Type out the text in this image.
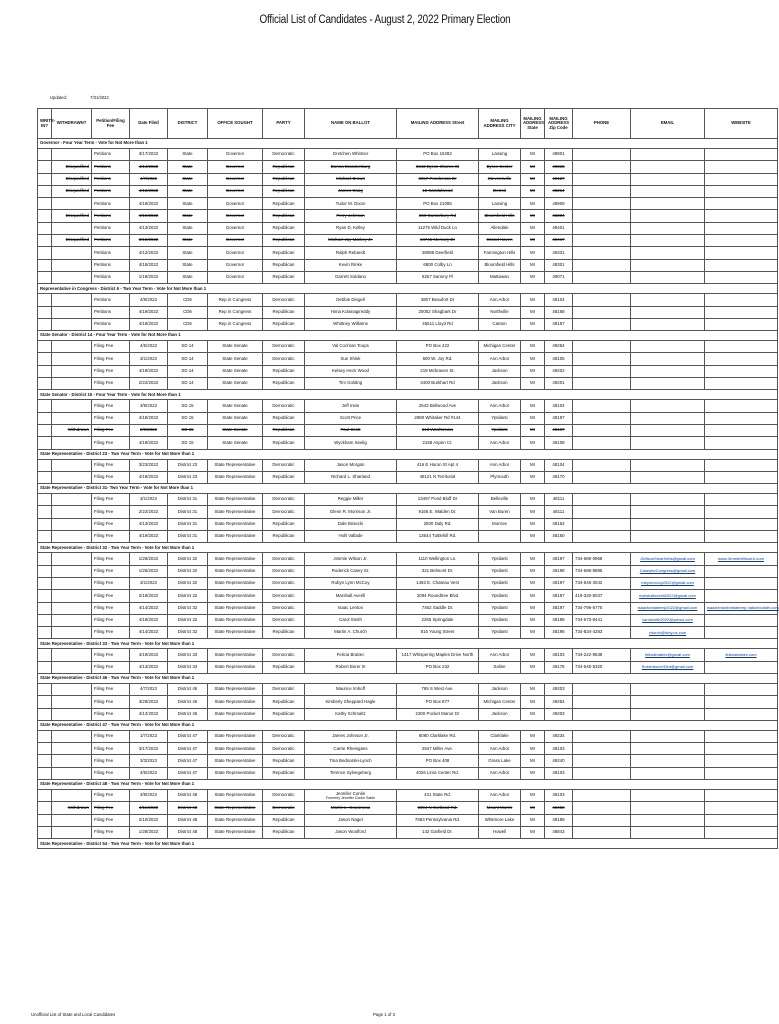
Official List of Candidates - August 2, 2022 Primary Election
Updated:	7/31/2022
WRITE-IN?	WITHDRAWN?	Petition/Filing Fee	Date Filed	DISTRICT	OFFICE SOUGHT	PARTY	NAME ON BALLOT	MAILING ADDRESS Street	MAILING ADDRESS CITY	MAILING ADDRESS State	MAILING ADDRESS Zip Code	PHONE	EMAIL	WEBSITE
Governor - Four Year Term - Vote for Not More than 1														
		Petitions	3/17/2022	State	Governor	Democratic	Gretchen Whitmer	PO Box 15282	Lansing	MI	48901			
	Disqualified	Petitions	4/14/2022	State	Governor	Republican	Donna Brandenburg	6842 Byron Shores Ct	Byron Center	MI	49315			
	Disqualified	Petitions	4/7/2022	State	Governor	Republican	Michael Brown	6057 Ponderosa Dr	Stevensville	MI	49127			
	Disqualified	Petitions	4/18/2022	State	Governor	Republican	James Craig	15 Sandalwood	Detroit	MI	48214			
		Petitions	4/19/2022	State	Governor	Republican	Tudor M. Dixon	PO Box 21086	Lansing	MI	48909			
	Disqualified	Petitions	4/19/2022	State	Governor	Republican	Perry Johnson	250 Canterbury Rd	Bloomfield Hills	MI	48304			
		Petitions	4/13/2022	State	Governor	Republican	Ryan D. Kelley	11275 Wild Duck Ln	Allendale	MI	49401			
	Disqualified	Petitions	3/18/2022	State	Governor	Republican	Michael Jay Markey Jr.	14745 Mercury Dr	Grand Haven	MI	49417			
		Petitions	4/12/2022	State	Governor	Republican	Ralph Rebandt	28085 Deerfield	Farmington Hills	MI	48331			
		Petitions	4/18/2022	State	Governor	Republican	Kevin Rinke	6800 Colby Ln	Bloomfield Hills	MI	48301			
		Petitions	1/19/2022	State	Governor	Republican	Garrett Soldano	8257 Sammy Pl	Mattawan	MI	49071			
Representative in Congress - District 6 - Two Year Term - Vote for Not More than 1														
		Petitions	4/8/2022	CD6	Rep in Congress	Democratic	Debbie Dingell	3807 Beaufort Dr	Ann Arbor	MI	48104			
		Petitions	4/19/2022	CD6	Rep in Congress	Republican	Hima Kolanagireddy	20052 Shagbark Dr	Northville	MI	48168			
		Petitions	4/18/2022	CD6	Rep in Congress	Republican	Whittney Williams	45511 Lloyd Rd	Canton	MI	48187			
State Senator - District 14 - Four Year Term - Vote for Not More than 1														
		Filing Fee	4/5/2022	SD 14	State Senate	Democratic	Val Cochran Toops	PO Box 422	Michigan Center	MI	49254			
		Filing Fee	3/1/2022	SD 14	State Senate	Democratic	Sue Shink	600 W. Joy Rd.	Ann Arbor	MI	48105			
		Filing Fee	4/19/2022	SD 14	State Senate	Republican	Kelsey Heck Wood	219 Mcbraven St.	Jackson	MI	49202			
		Filing Fee	2/22/2022	SD 14	State Senate	Republican	Tim Golding	3400 Burkhart Rd	Jackson	MI	49201			
State Senator - District 15 - Four Year Term - Vote for Not More than 1														
		Filing Fee	3/9/2022	SD 15	State Senate	Democratic	Jeff Irwin	2543 Bellwood Ave	Ann Arbor	MI	48104			
		Filing Fee	4/19/2022	SD 15	State Senate	Republican	Scott Price	2880 Whitaker Rd #144	Ypsilanti	MI	48197			
	Withdrawn	Filing Fee	2/9/2022	SD 15	State Senate	Republican	Paul Scott	513 Washtenaw	Ypsilanti	MI	48197			
		Filing Fee	4/19/2022	SD 15	State Senate	Republican	Wyckham Seelig	2158 Aspen Ct.	Ann Arbor	MI	48108			
State Representative - District 23 - Two Year Term - Vote for Not More than 1														
		Filing Fee	3/23/2022	District 23	State Representative	Democratic	Jason Morgan	416 E Huron St Apt 4	Ann Arbor	MI	48104			
		Filing Fee	4/19/2022	District 23	State Representative	Republican	Richard L. Sharland	48121 N Territorial	Plymouth	MI	48170			
State Representative - District 31- Two Year Term - Vote for Not More than 1														
		Filing Fee	3/1/2022	District 31	State Representative	Democratic	Reggie Miller	13497 Pond Bluff Dr	Belleville	MI	48111			
		Filing Fee	2/22/2022	District 31	State Representative	Democratic	Glenn R. Morrison Jr.	9166 E. Walden Dr.	Van Buren	MI	48111			
		Filing Fee	4/13/2022	District 31	State Representative	Republican	Dale Biniecki	2500 Daly Rd.	Monroe	MI	48162			
		Filing Fee	4/19/2022	District 31	State Representative	Republican	Holli Vallade	13644 Tuttlehill Rd.		MI	48160			
State Representative - District 32 - Two Year Term - Vote for Not More than 1														
		Filing Fee	1/26/2022	District 32	State Representative	Democratic	Jimmie Wilson Jr.	1110 Wellington Ln.	Ypsilanti	MI	48197	734-686-0968	JWilsonSmartVets@gmail.com	www.JimmieWilsonJr.com
		Filing Fee	1/26/2022	District 32	State Representative	Democratic	Roderick Casey Sr.	321 Belmont Dr.	Ypsilanti	MI	48198	734-686-9885	CaseyforCongress@gmail.com	
		Filing Fee	3/1/2022	District 32	State Representative	Democratic	Robyn Lynn McCoy	1493 E. Chateau Vest	Ypsilanti	MI	48197	734-846-3042	robynmccoy2022@gmail.com	
		Filing Fee	2/18/2022	District 32	State Representative	Democratic	Marshall Averill	2094 Roundtree Blvd	Ypsilanti	MI	48197	419-320-8037	marshallaverill2022@gmail.com	
		Filing Fee	4/14/2022	District 32	State Representative	Democratic	Isaac Lenton	7462 Saddle Dr.	Ypsilanti	MI	48197	734-796-6775	isaacforstaterep2022@gmail.com	isaaclentonforstaterep.nationbuilder.com
		Filing Fee	4/19/2022	District 32	State Representative	Democratic	Carol Smith	2265 Springdale	Ypsilanti	MI	48198	734-673-8441	carolsmith2022@yahoo.com	
		Filing Fee	4/14/2022	District 32	State Representative	Republican	Martin A. Church	815 Young Street	Ypsilanti	MI	48198	734-834-4283	church@fuby.us.com	
State Representative - District 33 - Two Year Term - Vote for Not More than 1														
		Filing Fee	4/19/2022	District 33	State Representative	Democratic	Felicia Brabec	1417 Whispering Maples Drive North	Ann Arbor	MI	48103	734-222-8538	feliciabrabec@gmail.com	feliciabrabec.com
		Filing Fee	4/13/2022	District 33	State Representative	Republican	Robert Borer III	PO Box 232	Saline	MI	48176	734-645-5320	Robertborer33rd@gmail.com	
State Representative - District 46 - Two Year Term - Vote for Not More than 1														
		Filing Fee	4/7/2022	District 46	State Representative	Democratic	Maurice Imhoff	765 S West Ave.	Jackson	MI	49203			
		Filing Fee	3/29/2022	District 46	State Representative	Republican	Kimberly Sheppard Hagle	PO Box 877	Michigan Center	MI	49254			
		Filing Fee	4/12/2022	District 46	State Representative	Republican	Kathy Schmaltz	2300 Pocket Manor Dr	Jackson	MI	49203			
State Representative - District 47 - Two Year Term - Vote for Not More than 1														
		Filing Fee	1/7/2022	District 47	State Representative	Democratic	James Johnson Jr.	8080 Clarklake Rd.	Clarklake	MI	49234			
		Filing Fee	3/17/2022	District 47	State Representative	Democratic	Carrie Rheingans	2547 Miller Ave.	Ann Arbor	MI	48103			
		Filing Fee	3/3/2022	District 47	State Representative	Republican	Tina Bednarski-Lynch	PO Box 408	Grass Lake	MI	49240			
		Filing Fee	4/6/2022	District 47	State Representative	Republican	Terence Sylvegeberg	4026 Lima Center Rd.	Ann Arbor	MI	48103			
State Representative - District 48 - Two Year Term - Vote for Not More than 1														
		Filing Fee	3/8/2022	District 48	State Representative	Democratic	Jennifer Conlin
Formerly Jennifer Conlin Sabin	431 State Rd.	Ann Arbor	MI	48103			
	Withdrawn	Filing Fee	4/11/2022	District 48	State Representative	Democratic	Martin L. Cousineau	9394 N Cortland Rd.	Mount Morris	MI	48458			
		Filing Fee	2/10/2022	District 48	State Representative	Republican	Jason Nagel	7683 Pennsylvania Rd.	Whitmore Lake	MI	48189			
		Filing Fee	1/28/2022	District 48	State Representative	Republican	Jason Woolford	142 Garfield Dr.	Howell	MI	48843			
State Representative - District 54 - Two Year Term - Vote for Not More than 1														
Unofficial List of State and Local Candidates	Page 1 of 3
